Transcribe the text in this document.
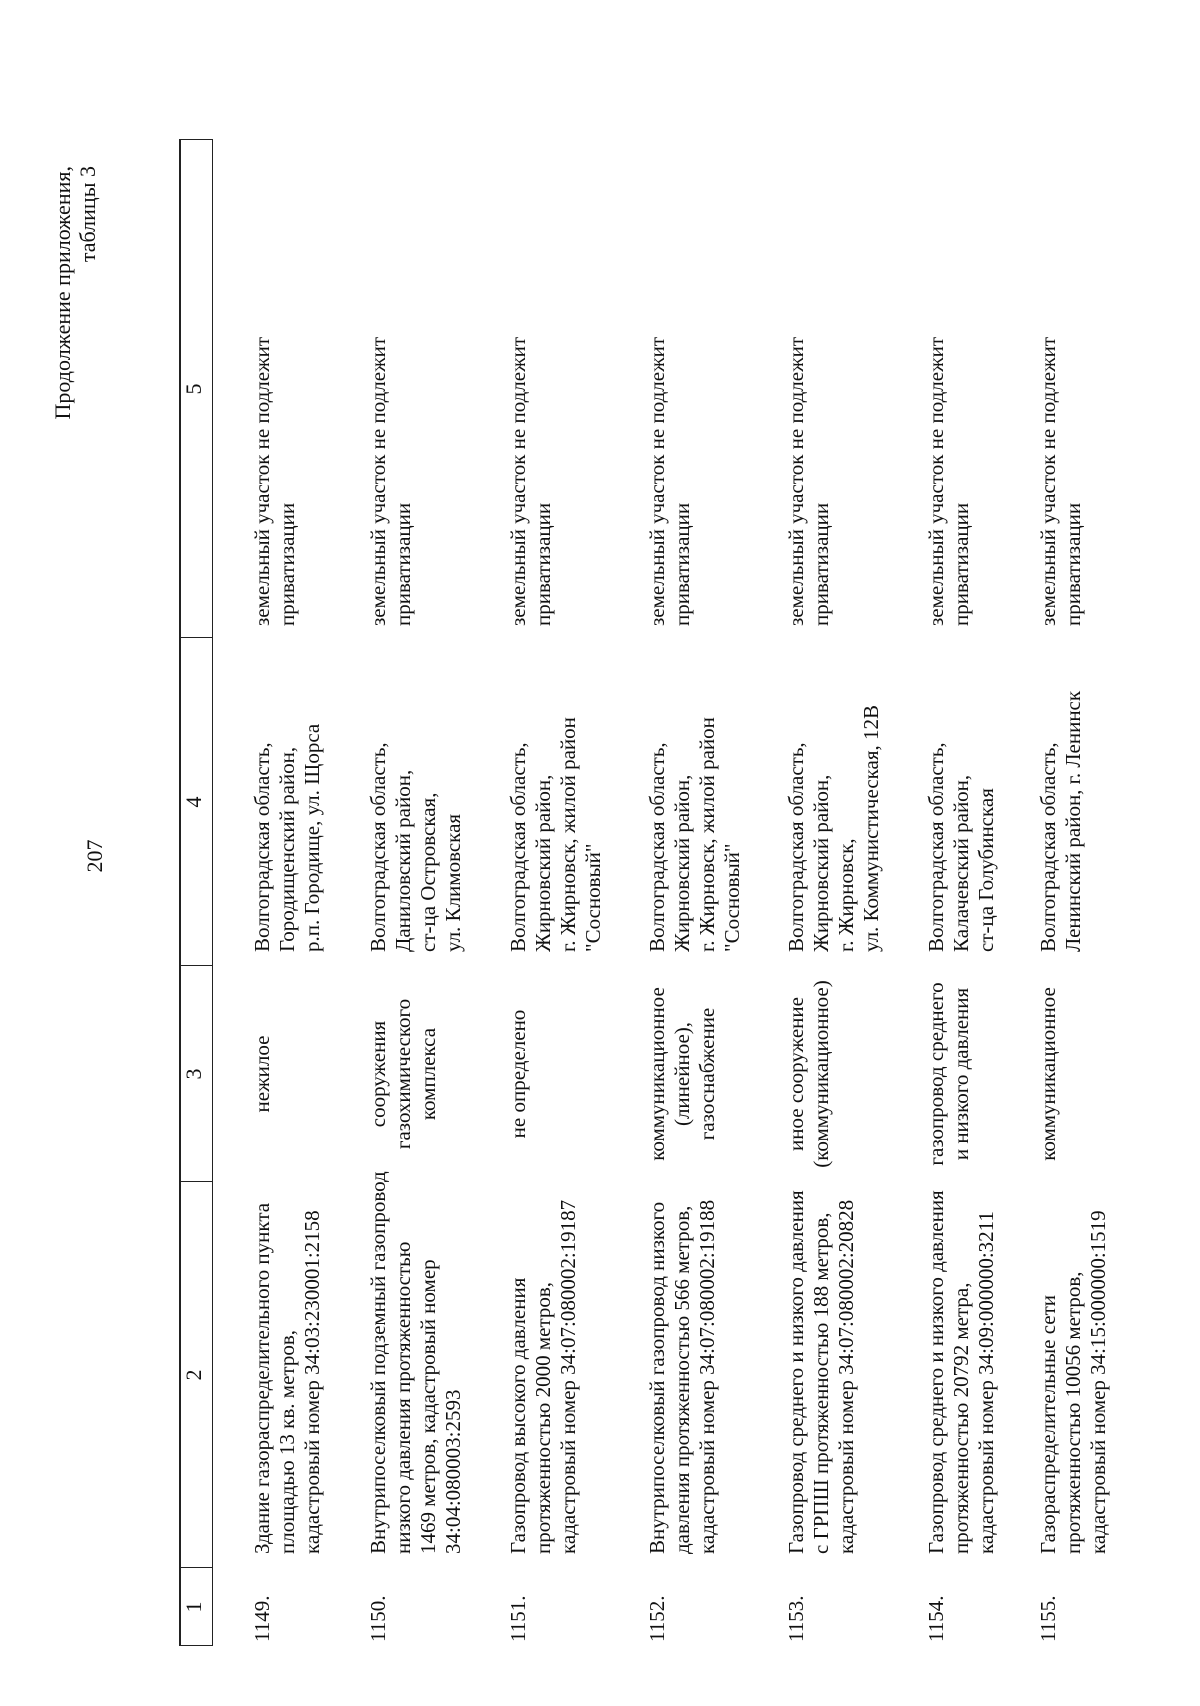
207
Продолжение приложения, таблицы 3
1
2
3
4
5
1149.
Здание газораспределительного пункта площадью 13 кв. метров, кадастровый номер 34:03:230001:2158
нежилое
Волгоградская область, Городищенский район, р.п. Городище, ул. Щорса
земельный участок не подлежит приватизации
1150.
Внутрипоселковый подземный газопровод низкого давления протяженностью 1469 метров, кадастровый номер 34:04:080003:2593
сооружения газохимического комплекса
Волгоградская область, Даниловский район, ст-ца Островская, ул. Климовская
земельный участок не подлежит приватизации
1151.
Газопровод высокого давления протяженностью 2000 метров, кадастровый номер 34:07:080002:19187
не определено
Волгоградская область, Жирновский район, г. Жирновск, жилой район "Сосновый"
земельный участок не подлежит приватизации
1152.
Внутрипоселковый газопровод низкого давления протяженностью 566 метров, кадастровый номер 34:07:080002:19188
коммуникационное (линейное), газоснабжение
Волгоградская область, Жирновский район, г. Жирновск, жилой район "Сосновый"
земельный участок не подлежит приватизации
1153.
Газопровод среднего и низкого давления с ГРПШ протяженностью 188 метров, кадастровый номер 34:07:080002:20828
иное сооружение (коммуникационное)
Волгоградская область, Жирновский район, г. Жирновск, ул. Коммунистическая, 12В
земельный участок не подлежит приватизации
1154.
Газопровод среднего и низкого давления протяженностью 20792 метра, кадастровый номер 34:09:000000:3211
газопровод среднего и низкого давления
Волгоградская область, Калачевский район, ст-ца Голубинская
земельный участок не подлежит приватизации
1155.
Газораспределительные сети протяженностью 10056 метров, кадастровый номер 34:15:000000:1519
коммуникационное
Волгоградская область, Ленинский район, г. Ленинск
земельный участок не подлежит приватизации
